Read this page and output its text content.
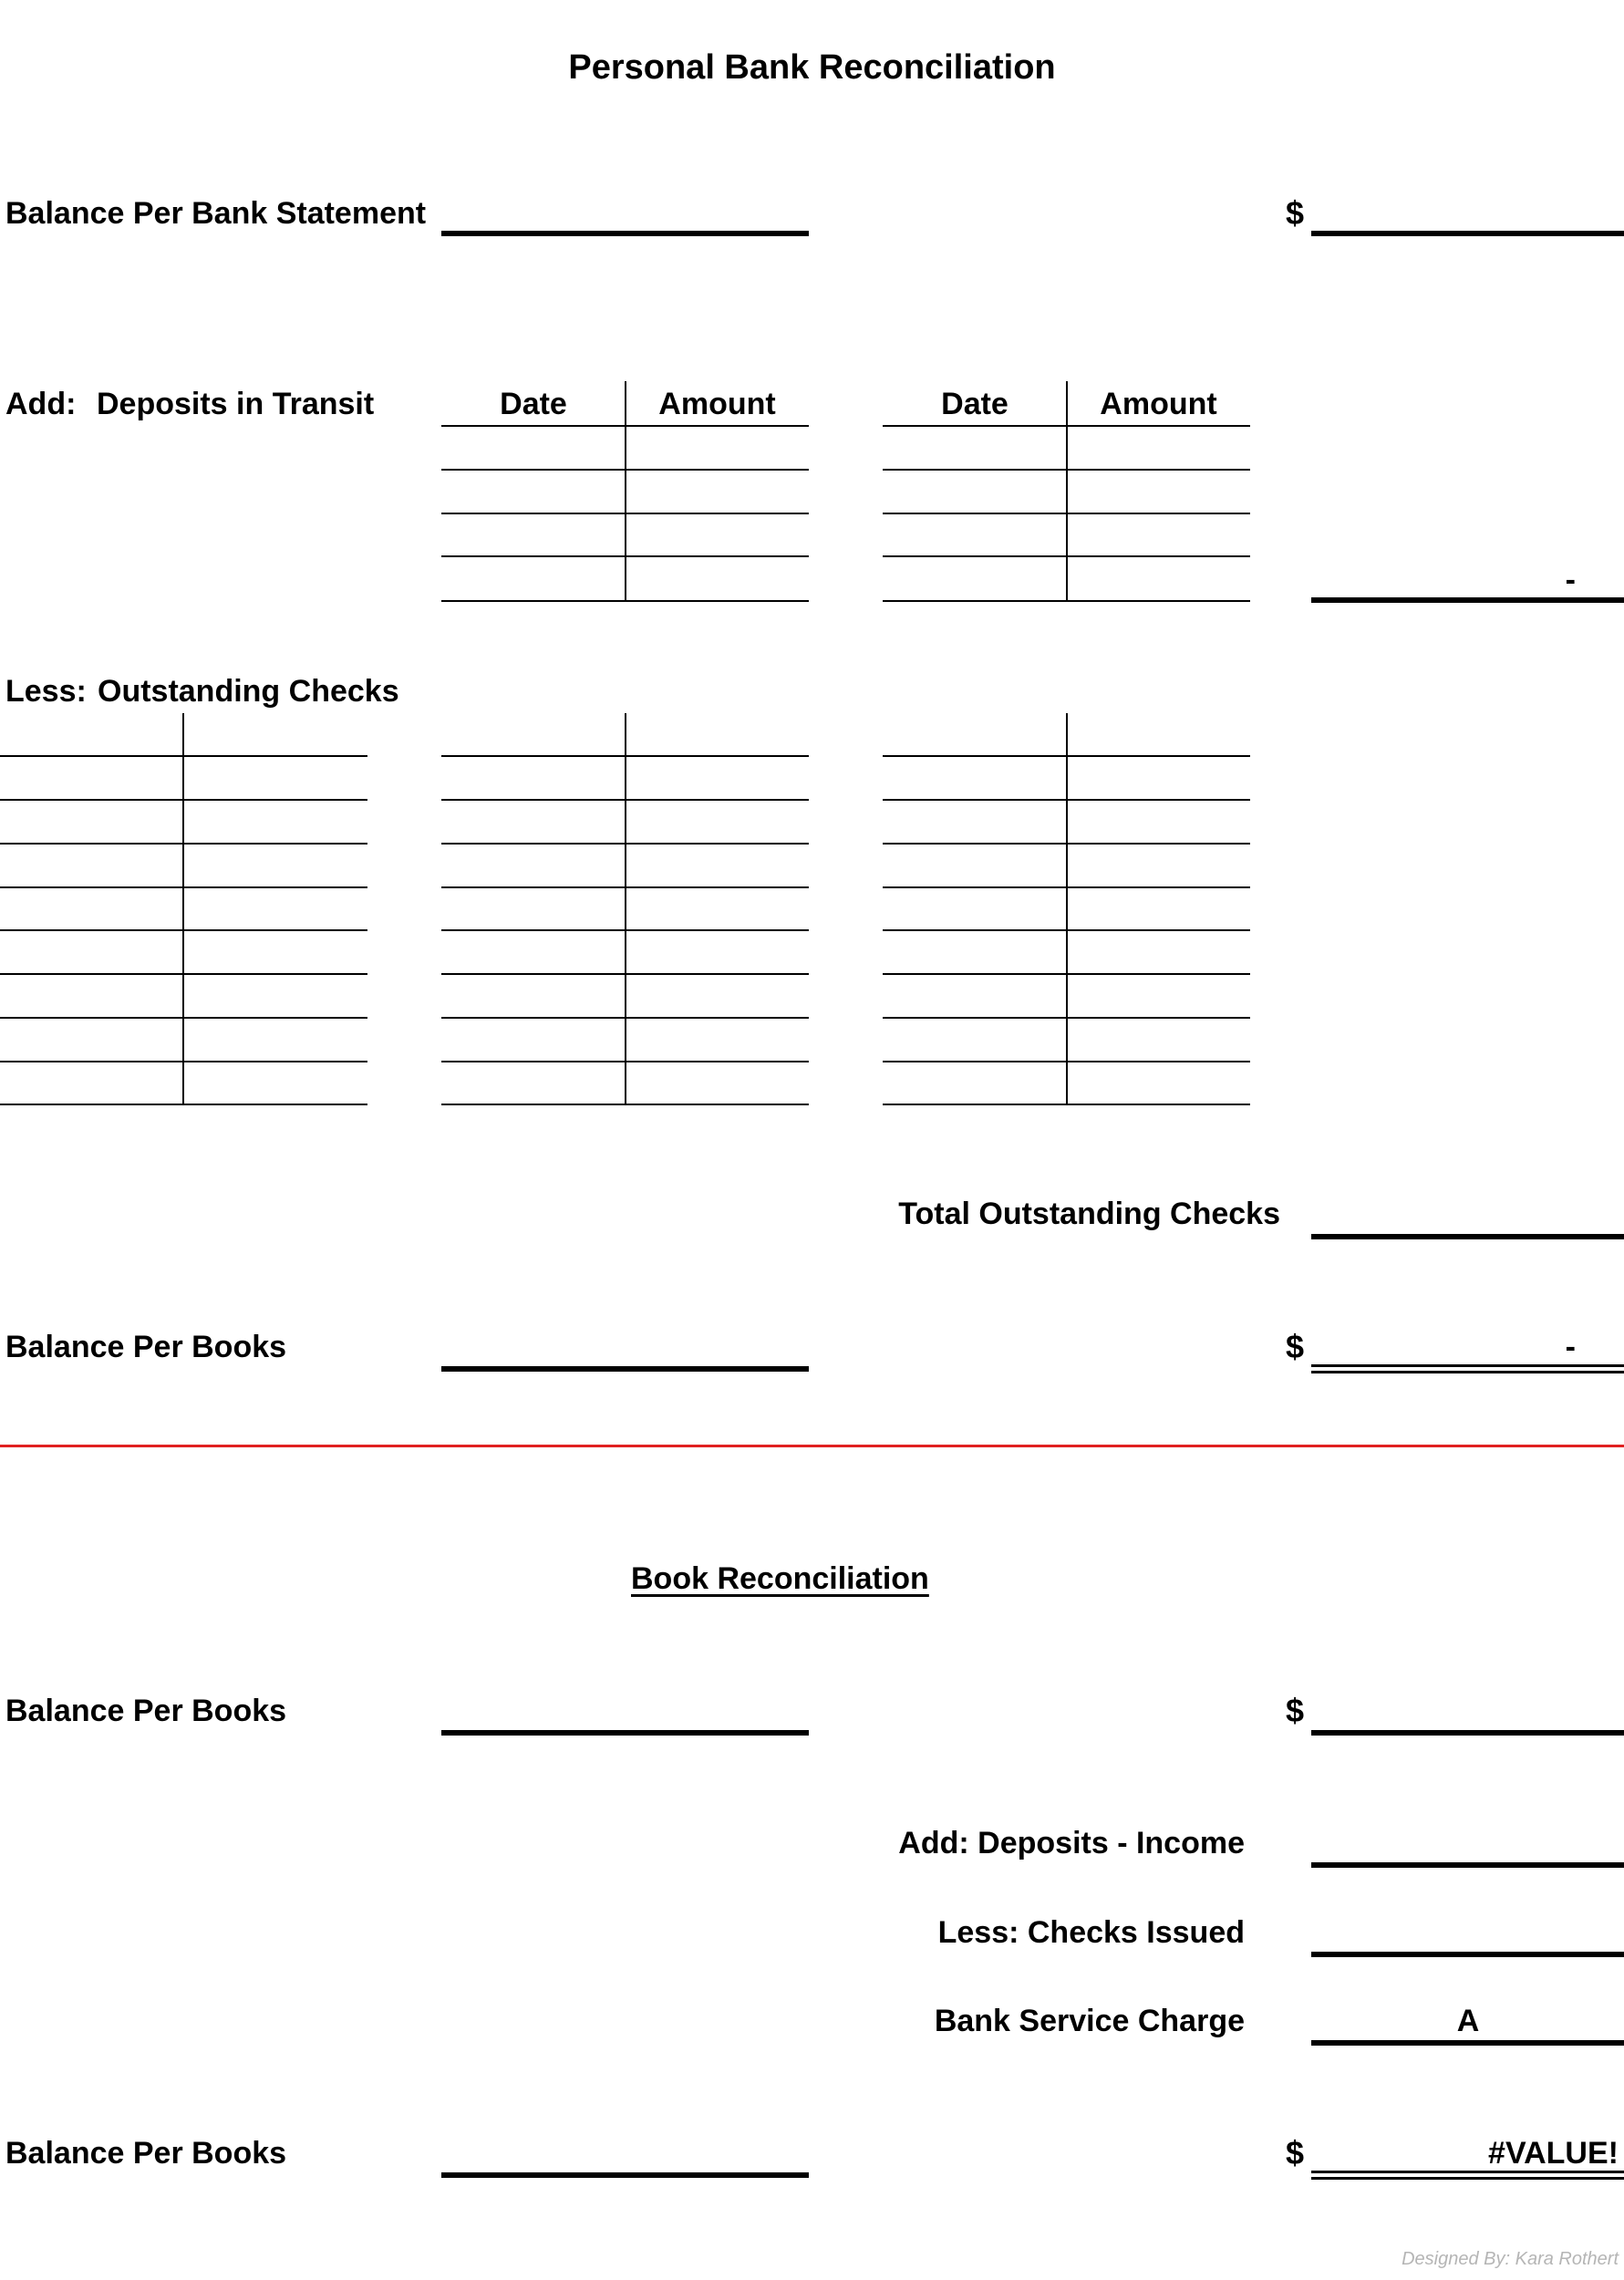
Personal Bank Reconciliation
Balance Per Bank Statement	$
Add: Deposits in Transit	Date	Amount	Date	Amount
-
Less: Outstanding Checks
Total Outstanding Checks
Balance Per Books	$	-
Book Reconciliation
Balance Per Books	$
Add: Deposits - Income
Less: Checks Issued
Bank Service Charge	A
Balance Per Books	$	#VALUE!
Designed By: Kara Rothert
